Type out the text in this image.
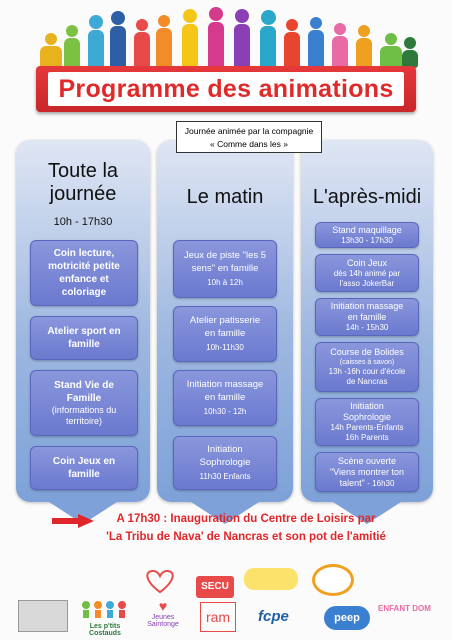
Programme des animations
Toute la
journée
10h - 17h30
Coin lecture,
motricité petite
enfance et
coloriage
Atelier sport en
famille
Stand Vie de
Famille
(informations du
territoire)
Coin Jeux en
famille
Le matin
Jeux de piste "les 5
sens" en famille
10h à 12h
Atelier patisserie
en famille
10h-11h30
Initiation massage
en famille
10h30 - 12h
Initiation
Sophrologie
11h30 Enfants
L'après-midi
Stand maquillage
13h30 - 17h30
Coin Jeux
dès 14h animé par
l'asso JokerBar
Initiation massage
en famille
14h - 15h30
Course de Bolides
(caisses à savon)
13h -16h cour d'école
de Nancras
Initiation
Sophrologie
14h Parents-Enfants
16h Parents
Scène ouverte
"Viens montrer ton
talent" - 16h30
Journée animée par la compagnie
« Comme dans les »
A 17h30 : Inauguration du Centre de Loisirs par
'La Tribu de Nava' de Nancras et son pot de l'amitié
Les p'tits Costauds
♥
Jeunes Saintonge
SECU
ram	fcpe	peep
ENFANT DOM
